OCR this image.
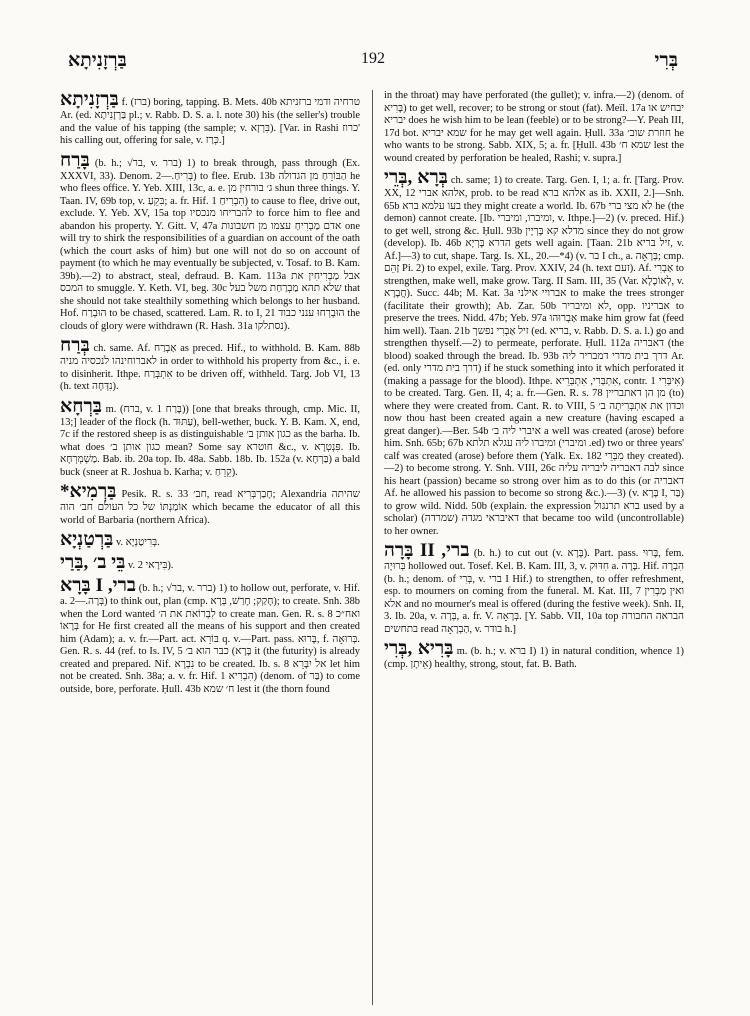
בַּרְזָנִיתָא	192	בְּרִי

בַּרְזָנִיתָא f. (ברז) boring, tapping. B. Mets. 40b טרחיה ודמי ברזניתא Ar. (ed. בַּרְזָנִיתָא pl.; v. Rabb. D. S. a. l. note 30) his (the seller's) trouble and the value of his tapping (the sample; v. בִּרְזָא). [Var. in Rashi כרוז' his calling out, offering for sale, v. כְּרַז.]

בָּרַח (b. h.; √בר, v. ברר) 1) to break through, pass through (Ex. XXXVI, 33). Denom. בְּרִיחַ.—2) to flee. Erub. 13b הַבּוֹרֵחַ מן הגדולה he who flees office. Y. Yeb. XIII, 13c, a. e. ג׳ בורחין מן shun three things. Y. Taan. IV, 69b top, v. בִּקֵעַ; a. fr. Hif. הִבְרִיחַ 1) to cause to flee, drive out, exclude. Y. Yeb. XV, 15a top להבריחו מנכסיו to force him to flee and abandon his property. Y. Gitt. V, 47a אדם מַבְרִיחַ עצמו מן חשבונות one will try to shirk the responsibilities of a guardian on account of the oath (which the court asks of him) but one will not do so on account of payment (to which he may eventually be subjected, v. Tosaf. to B. Kam. 39b).—2) to abstract, steal, defraud. B. Kam. 113a אבל מַבְרִיחִין את המכס to smuggle. Y. Keth. VI, beg. 30c שלא תהא מַבְרַחַת משל בעל that she should not take stealthily something which belongs to her husband. Hof. הוּבְרַח to be chased, scattered. Lam. R. to I, 21 הוּבְרְחוּ ענני כבוד the clouds of glory were withdrawn (R. Hash. 31a נסתלקו).

בְּרַח ch. same. Af. אַבְרַח as preced. Hif., to withhold. B. Kam. 88b לאברוחינהו לנכסיה מניה in order to withhold his property from &c., i. e. to disinherit. Ithpe. אִתְבְּרַח to be driven off, withheld. Targ. Job VI, 13 (h. text נִדְּחָה).

בַּרְחָא m. (ברח, v. בָּרַח 1)) [one that breaks through, cmp. Mic. II, 13;] leader of the flock (h. עַתּוּד), bell-wether, buck. Y. B. Kam. X, end, 7c if the restored sheep is as distinguishable כגון אותן ב׳ as the barha. Ib. what does כגון אותן ב׳ mean? Some say חוטרא &c., v. פִּנְטְרָא. Ib. מַשְׁמְרְחָא. Bab. ib. 20a top. Ib. 48a. Sabb. 18b. Ib. 152a (v. בַּרְחָא) a bald buck (sneer at R. Joshua b. Karha; v. קֵרֵחַ).

*בַּרְמִיא Pesik. R. s. 33 חב׳, read חָבַרְבְּרִיא; Alexandria שהיתה אוֹמַנְתּוֹ של כל העולם חב׳ הוה which became the educator of all this world of Barbaria (northern Africa).

בַּרְטַנְיָא v. בְּרִיטַנְיָא.

בֵּי ב׳ ,בַּרַי v. בִּירָאי 2).

בָּרָא I ,ברי (b. h.; √בר, v. ברר) 1) to hollow out, perforate, v. Hif. a. בְּרָה.—2) to think out, plan (cmp. חָקַק; חָרַשׁ, בְּרָא); to create. Snh. 38b when the Lord wanted לִבְרוֹאת את ה׳ to create man. Gen. R. s. 8 ואח״כ בְּרָאוֹ for He first created all the means of his support and then created him (Adam); a. v. fr.—Part. act. בּוֹרֵא q. v.—Part. pass. בָּרוּא, f. בְּרוּאָה. Gen. R. s. 44 (ref. to Is. IV, 5 כבר הוא ב׳ (בָּרָא it (the futurity) is already created and prepared. Nif. נִבְרָא to be created. Ib. s. 8 אל יִבָּרֵא let him not be created. Snh. 38a; a. v. fr. Hif. הִבְרִיא 1) (denom. of בַּר) to come outside, bore, perforate. Ḥull. 43b ח׳ שמא lest it (the thorn found

in the throat) may have perforated (the gullet); v. infra.—2) (denom. of בָּרִיא) to get well, recover; to be strong or stout (fat). Meïl. 17a יבחיש או יבריא does he wish him to be lean (feeble) or to be strong?—Y. Peah III, 17d bot. שמא יבריא for he may get well again. Ḥull. 33a חוזרת שוב׳ he who wants to be strong. Sabb. XIX, 5; a. fr. [Ḥull. 43b שמא ח׳ lest the wound created by perforation be healed, Rashi; v. supra.]

בְּרָא ,בְּרֵי ch. same; 1) to create. Targ. Gen. I, 1; a. fr. [Targ. Prov. XX, 12 אלהא אברי, prob. to be read אלהא ברא as ib. XXII, 2.]—Snh. 65b בעו עלמא ברא they might create a world. Ib. 67b לא מצי ברי he (the demon) cannot create. [Ib. ומיברו, ומיברי, v. Ithpe.]—2) (v. preced. Hif.) to get well, strong &c. Ḥull. 93b מדלא קא בָּרְיָין since they do not grow (develop). Ib. 46b הדרא בָּרְיָא gets well again. [Taan. 21b זיל בריא, v. Af.]—3) to cut, shape. Targ. Is. XL, 20.—*4) (v. בר I ch., a. בְּרָאָה; cmp. זָהֵם Pi. 2) to expel, exile. Targ. Prov. XXIV, 24 (h. text זעם). Af. אַבְרִי to strengthen, make well, make grow. Targ. II Sam. III, 35 (Var. לְאוֹכָלָא, v. חֲבָרָא). Succ. 44b; M. Kat. 3a אברויי אילני to make the trees stronger (facilitate their growth); Ab. Zar. 50b לא ומיבריר, opp. אבריניו to preserve the trees. Nidd. 47b; Yeb. 97a אַבְרוּהוּ make him grow fat (feed him well). Taan. 21b זיל אַבְרִי נפשך (ed. בריא, v. Rabb. D. S. a. l.) go and strengthen thyself.—2) to permeate, perforate. Ḥull. 112a דאבריה (the blood) soaked through the bread. Ib. 93b דרך בית מדרי דמבריר ליה Ar. (ed. only דרך בית מדרי) if he stuck something into it which perforated it (making a passage for the blood). Ithpe. אִתְבְּרִי, אִתְבְּרֵיא, contr. אִיבְּרִי 1) to be created. Targ. Gen. II, 4; a. fr.—Gen. R. s. 78 מן הן דאתבריין (to) where they were created from. Cant. R. to VIII, 5 וכדון את אִתְבְּרִיתָה ב׳ now thou hast been created again a new creature (having escaped a great danger).—Ber. 54b איברי ליה ב׳ a well was created (arose) before him. Snh. 65b; 67b ומיברו ליה עגלא תלתא (ומיברי .ed) two or three years' calf was created (arose) before them (Yalk. Ex. 182 מִבְּרֵי they created).—2) to become strong. Y. Snh. VIII, 26c לבה דאבריה ליבריה עליה since his heart (passion) became so strong over him as to do this (or דאבריה Af. he allowed his passion to become so strong &c.).—3) (v. בָּרָא I, בַּר) to grow wild. Nidd. 50b (explain. the expression ברא תרנגול used by a scholar) דאיבראי מגדה (שמרדה) that became too wild (uncontrollable) to her owner.

בָּרָה II ,ברי (b. h.) to cut out (v. בָּרָא). Part. pass. בָּרוּי, fem. בְּרוּיָה hollowed out. Tosef. Kel. B. Kam. III, 3, v. חִדּוּק a. בָּרָה. Hif. הִבְרָה (b. h.; denom. of בְּרִי, v. ברי I Hif.) to strengthen, to offer refreshment, esp. to mourners on coming from the funeral. M. Kat. III, 7 ואין מַבְרִין אלא and no mourner's meal is offered (during the festive week). Snh. II, 3. Ib. 20a, v. בְּרָה, a. fr. V. בְּרָאָה. [Y. Sabb. VII, 10a top הבראה החבורה בתחשים read הַבְרָאָה, v. בודר h.]

בָּרִיא ,בְּרִי m. (b. h.; v. ברא I) 1) in natural condition, whence 1) (cmp. אֵיתָן) healthy, strong, stout, fat. B. Bath.
